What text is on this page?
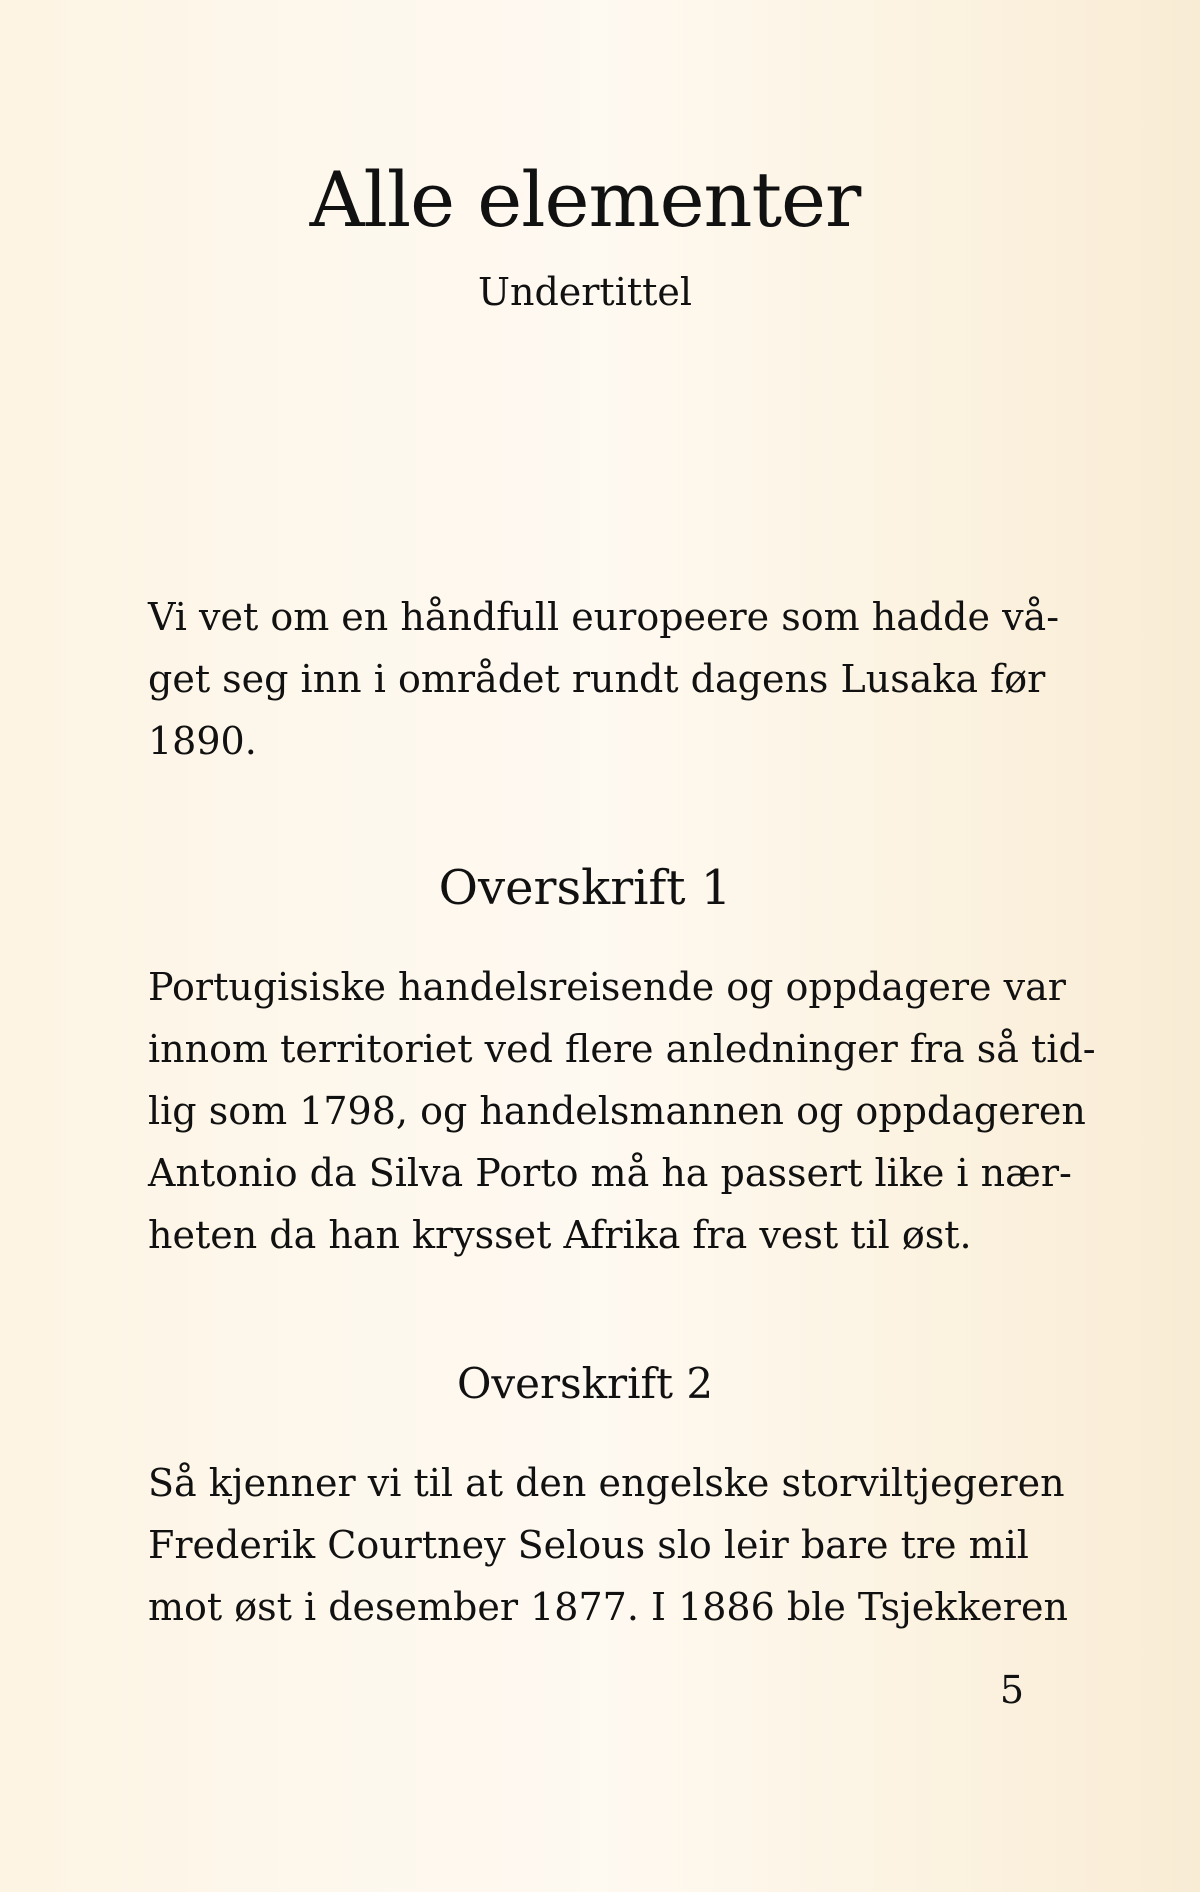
Alle elementer
Undertittel

Vi vet om en håndfull europeere som hadde vå-
get seg inn i området rundt dagens Lusaka før
1890.

Overskrift 1

Portugisiske handelsreisende og oppdagere var
innom territoriet ved flere anledninger fra så tid-
lig som 1798, og handelsmannen og oppdageren
Antonio da Silva Porto må ha passert like i nær-
heten da han krysset Afrika fra vest til øst.

Overskrift 2

Så kjenner vi til at den engelske storviltjegeren
Frederik Courtney Selous slo leir bare tre mil
mot øst i desember 1877. I 1886 ble Tsjekkeren

5
